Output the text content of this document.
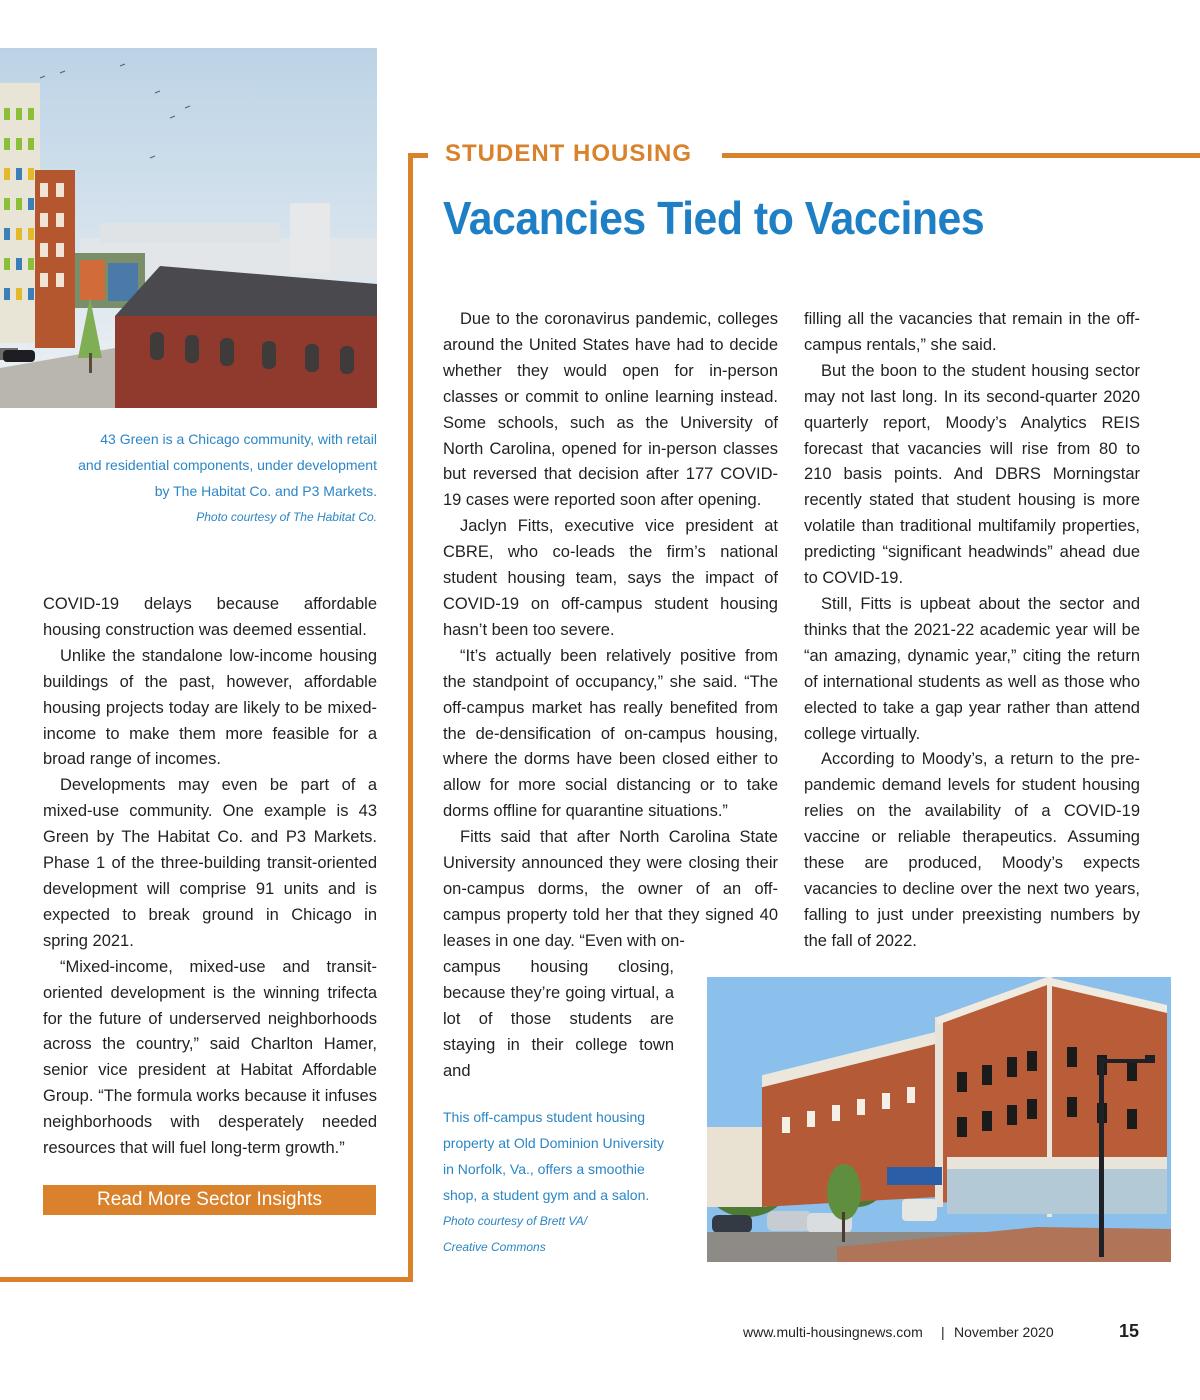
43 Green is a Chicago community, with retail

and residential components, under development

by The Habitat Co. and P3 Markets.

Photo courtesy of The Habitat Co.

STUDENT HOUSING
Vacancies Tied to Vaccines

COVID-19 delays because affordable housing construction was deemed essential.

Unlike the standalone low-income housing buildings of the past, however, affordable housing projects today are likely to be mixed-income to make them more feasible for a broad range of incomes.

Developments may even be part of a mixed-use community. One example is 43 Green by The Habitat Co. and P3 Markets. Phase 1 of the three-building transit-oriented development will comprise 91 units and is expected to break ground in Chicago in spring 2021.

“Mixed-income, mixed-use and transit-oriented development is the winning trifecta for the future of underserved neighborhoods across the country,” said Charlton Hamer, senior vice president at Habitat Affordable Group. “The formula works because it infuses neighborhoods with desperately needed resources that will fuel long-term growth.”

Read More Sector Insights

Due to the coronavirus pandemic, colleges around the United States have had to decide whether they would open for in-person classes or commit to online learning instead. Some schools, such as the University of North Carolina, opened for in-person classes but reversed that decision after 177 COVID-19 cases were reported soon after opening.

Jaclyn Fitts, executive vice president at CBRE, who co-leads the firm’s national student housing team, says the impact of COVID-19 on off-campus student housing hasn’t been too severe.

“It’s actually been relatively positive from the standpoint of occupancy,” she said. “The off-campus market has really benefited from the de-densification of on-campus housing, where the dorms have been closed either to allow for more social distancing or to take dorms offline for quarantine situations.”

Fitts said that after North Carolina State University announced they were closing their on-campus dorms, the owner of an off-campus property told her that they signed 40 leases in one day. “Even with on-

campus housing closing, because they’re going virtual, a lot of those students are staying in their college town and

filling all the vacancies that remain in the off-campus rentals,” she said.

But the boon to the student housing sector may not last long. In its second-quarter 2020 quarterly report, Moody’s Analytics REIS forecast that vacancies will rise from 80 to 210 basis points. And DBRS Morningstar recently stated that student housing is more volatile than traditional multifamily properties, predicting “significant headwinds” ahead due to COVID-19.

Still, Fitts is upbeat about the sector and thinks that the 2021-22 academic year will be “an amazing, dynamic year,” citing the return of international students as well as those who elected to take a gap year rather than attend college virtually.

According to Moody’s, a return to the pre-pandemic demand levels for student housing relies on the availability of a COVID-19 vaccine or reliable therapeutics. Assuming these are produced, Moody’s expects vacancies to decline over the next two years, falling to just under preexisting numbers by the fall of 2022.

This off-campus student housing

property at Old Dominion University

in Norfolk, Va., offers a smoothie

shop, a student gym and a salon.

Photo courtesy of Brett VA/

Creative Commons

www.multi-housingnews.com | November 2020	15
